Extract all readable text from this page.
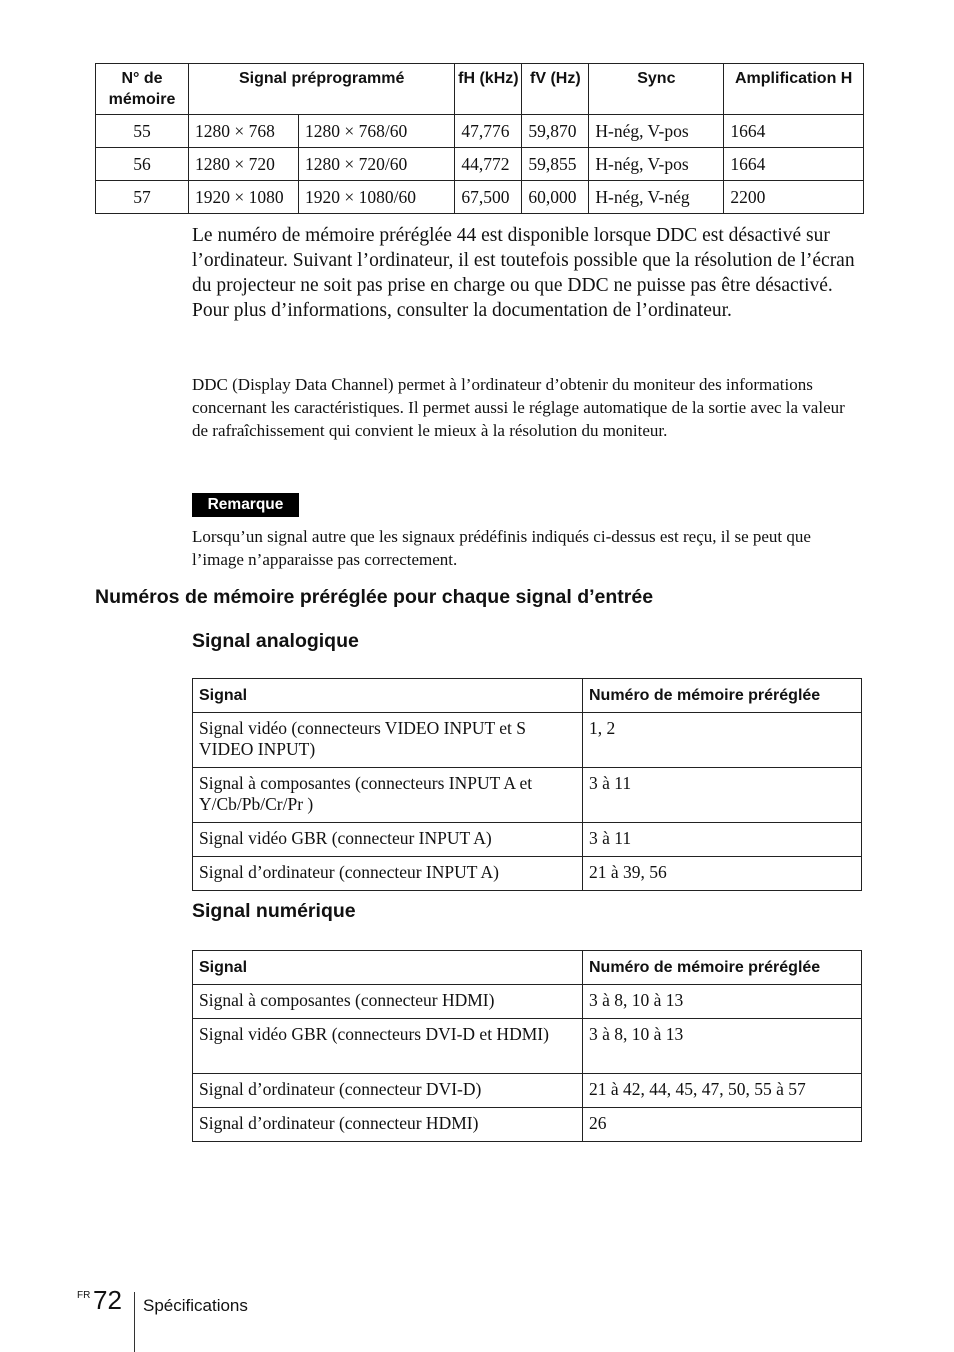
N° de mémoire	Signal préprogrammé		fH (kHz)	fV (Hz)	Sync	Amplification H
55	1280 × 768	1280 × 768/60	47,776	59,870	H-nég, V-pos	1664
56	1280 × 720	1280 × 720/60	44,772	59,855	H-nég, V-pos	1664
57	1920 × 1080	1920 × 1080/60	67,500	60,000	H-nég, V-nég	2200

Le numéro de mémoire préréglée 44 est disponible lorsque DDC est désactivé sur l’ordinateur. Suivant l’ordinateur, il est toutefois possible que la résolution de l’écran du projecteur ne soit pas prise en charge ou que DDC ne puisse pas être désactivé. Pour plus d’informations, consulter la documentation de l’ordinateur.

DDC (Display Data Channel) permet à l’ordinateur d’obtenir du moniteur des informations concernant les caractéristiques. Il permet aussi le réglage automatique de la sortie avec la valeur de rafraîchissement qui convient le mieux à la résolution du moniteur.

Remarque

Lorsqu’un signal autre que les signaux prédéfinis indiqués ci-dessus est reçu, il se peut que l’image n’apparaisse pas correctement.

Numéros de mémoire préréglée pour chaque signal d’entrée
Signal analogique
Signal	Numéro de mémoire préréglée
Signal vidéo (connecteurs VIDEO INPUT et S VIDEO INPUT)	1, 2
Signal à composantes (connecteurs INPUT A et Y/Cb/Pb/Cr/Pr )	3 à 11
Signal vidéo GBR (connecteur INPUT A)	3 à 11
Signal d’ordinateur (connecteur INPUT A)	21 à 39, 56
Signal numérique
Signal	Numéro de mémoire préréglée
Signal à composantes (connecteur HDMI)	3 à 8, 10 à 13
Signal vidéo GBR (connecteurs DVI-D et HDMI)	3 à 8, 10 à 13
Signal d’ordinateur (connecteur DVI-D)	21 à 42, 44, 45, 47, 50, 55 à 57
Signal d’ordinateur (connecteur HDMI)	26
FR 72 Spécifications
